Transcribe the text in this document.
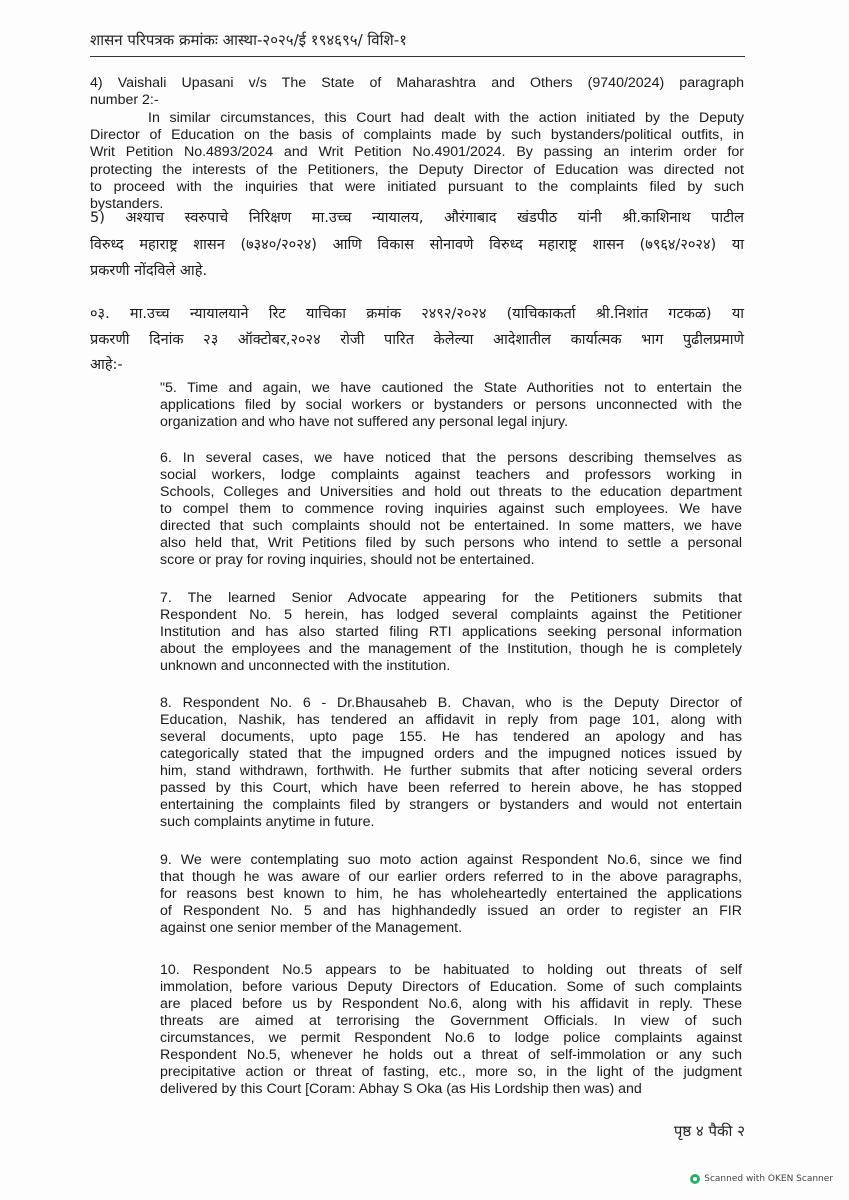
शासन परिपत्रक क्रमांकः आस्था-२०२५/ई १९४६९५/ विशि-१
4) Vaishali Upasani v/s The State of Maharashtra and Others (9740/2024) paragraph
number 2:-
In similar circumstances, this Court had dealt with the action initiated by the Deputy
Director of Education on the basis of complaints made by such bystanders/political outfits, in
Writ Petition No.4893/2024 and Writ Petition No.4901/2024. By passing an interim order for
protecting the interests of the Petitioners, the Deputy Director of Education was directed not
to proceed with the inquiries that were initiated pursuant to the complaints filed by such
bystanders.
5) अश्याच स्वरुपाचे निरिक्षण मा.उच्च न्यायालय, औरंगाबाद खंडपीठ यांनी श्री.काशिनाथ पाटील
विरुध्द महाराष्ट्र शासन (७३४०/२०२४) आणि विकास सोनावणे विरुध्द महाराष्ट्र शासन (७९६४/२०२४) या
प्रकरणी नोंदविले आहे.
०३. मा.उच्च न्यायालयाने रिट याचिका क्रमांक २४९२/२०२४ (याचिकाकर्ता श्री.निशांत गटकळ) या
प्रकरणी दिनांक २३ ऑक्टोबर,२०२४ रोजी पारित केलेल्या आदेशातील कार्यात्मक भाग पुढीलप्रमाणे
आहे:-
"5. Time and again, we have cautioned the State Authorities not to entertain the
applications filed by social workers or bystanders or persons unconnected with the
organization and who have not suffered any personal legal injury.
6. In several cases, we have noticed that the persons describing themselves as
social workers, lodge complaints against teachers and professors working in
Schools, Colleges and Universities and hold out threats to the education department
to compel them to commence roving inquiries against such employees. We have
directed that such complaints should not be entertained. In some matters, we have
also held that, Writ Petitions filed by such persons who intend to settle a personal
score or pray for roving inquiries, should not be entertained.
7. The learned Senior Advocate appearing for the Petitioners submits that
Respondent No. 5 herein, has lodged several complaints against the Petitioner
Institution and has also started filing RTI applications seeking personal information
about the employees and the management of the Institution, though he is completely
unknown and unconnected with the institution.
8. Respondent No. 6 - Dr.Bhausaheb B. Chavan, who is the Deputy Director of
Education, Nashik, has tendered an affidavit in reply from page 101, along with
several documents, upto page 155. He has tendered an apology and has
categorically stated that the impugned orders and the impugned notices issued by
him, stand withdrawn, forthwith. He further submits that after noticing several orders
passed by this Court, which have been referred to herein above, he has stopped
entertaining the complaints filed by strangers or bystanders and would not entertain
such complaints anytime in future.
9. We were contemplating suo moto action against Respondent No.6, since we find
that though he was aware of our earlier orders referred to in the above paragraphs,
for reasons best known to him, he has wholeheartedly entertained the applications
of Respondent No. 5 and has highhandedly issued an order to register an FIR
against one senior member of the Management.
10. Respondent No.5 appears to be habituated to holding out threats of self
immolation, before various Deputy Directors of Education. Some of such complaints
are placed before us by Respondent No.6, along with his affidavit in reply. These
threats are aimed at terrorising the Government Officials. In view of such
circumstances, we permit Respondent No.6 to lodge police complaints against
Respondent No.5, whenever he holds out a threat of self-immolation or any such
precipitative action or threat of fasting, etc., more so, in the light of the judgment
delivered by this Court [Coram: Abhay S Oka (as His Lordship then was) and
पृष्ठ ४ पैकी २
Scanned with OKEN Scanner
